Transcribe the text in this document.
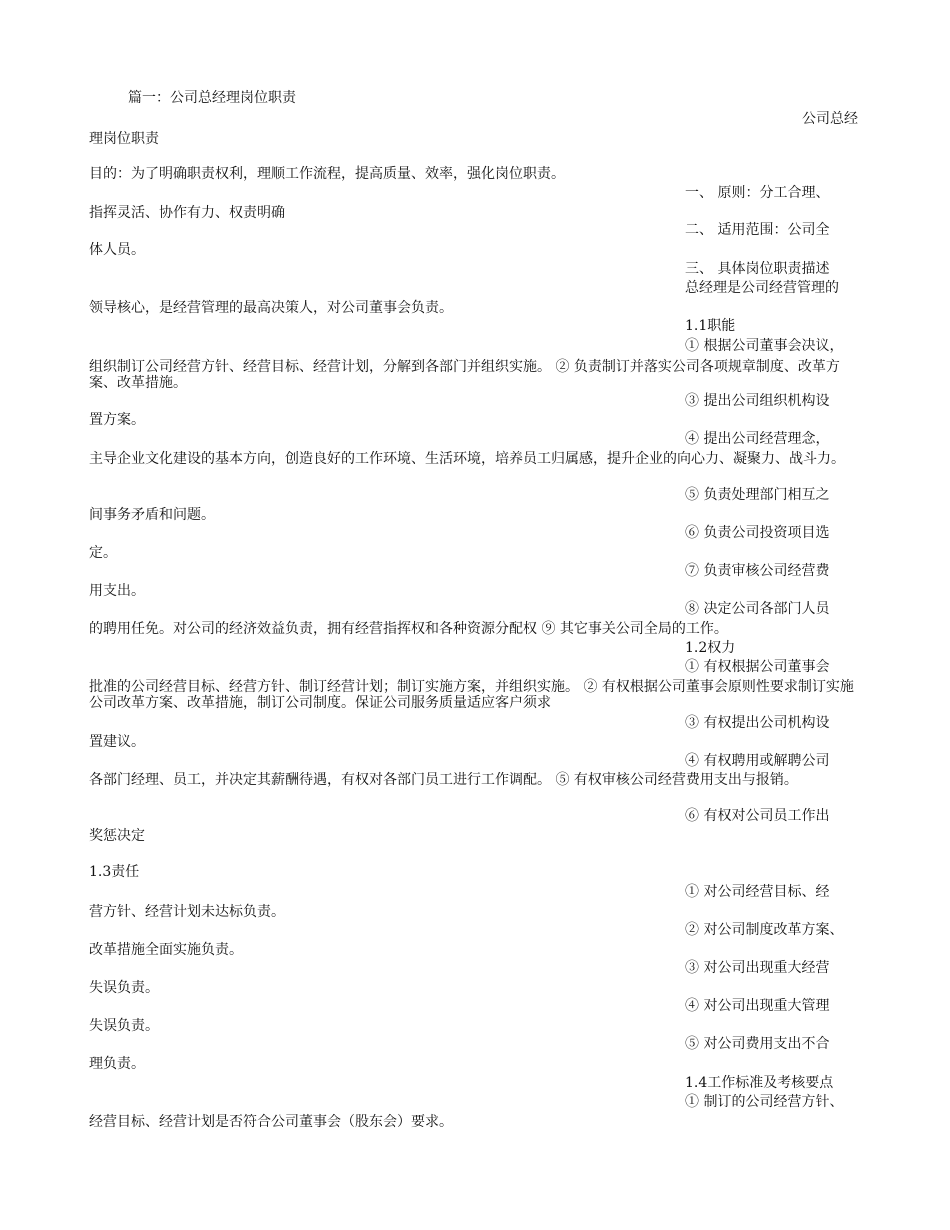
篇一：公司总经理岗位职责

公司总经

理岗位职责

目的：为了明确职责权利，理顺工作流程，提高质量、效率，强化岗位职责。

一、 原则：分工合理、

指挥灵活、协作有力、权责明确

二、 适用范围：公司全

体人员。

三、 具体岗位职责描述

总经理是公司经营管理的

领导核心，是经营管理的最高决策人，对公司董事会负责。

1.1职能

① 根据公司董事会决议，

组织制订公司经营方针、经营目标、经营计划，分解到各部门并组织实施。 ② 负责制订并落实公司各项规章制度、改革方案、改革措施。

③ 提出公司组织机构设

置方案。

④ 提出公司经营理念，

主导企业文化建设的基本方向，创造良好的工作环境、生活环境，培养员工归属感，提升企业的向心力、凝聚力、战斗力。

⑤ 负责处理部门相互之

间事务矛盾和问题。

⑥ 负责公司投资项目选

定。

⑦ 负责审核公司经营费

用支出。

⑧ 决定公司各部门人员

的聘用任免。对公司的经济效益负责，拥有经营指挥权和各种资源分配权 ⑨ 其它事关公司全局的工作。

1.2权力

① 有权根据公司董事会

批准的公司经营目标、经营方针、制订经营计划；制订实施方案，并组织实施。 ② 有权根据公司董事会原则性要求制订实施公司改革方案、改革措施，制订公司制度。保证公司服务质量适应客户须求

③ 有权提出公司机构设

置建议。

④ 有权聘用或解聘公司

各部门经理、员工，并决定其薪酬待遇，有权对各部门员工进行工作调配。 ⑤ 有权审核公司经营费用支出与报销。

⑥ 有权对公司员工作出

奖惩决定

1.3责任

① 对公司经营目标、经

营方针、经营计划未达标负责。

② 对公司制度改革方案、

改革措施全面实施负责。

③ 对公司出现重大经营

失误负责。

④ 对公司出现重大管理

失误负责。

⑤ 对公司费用支出不合

理负责。

1.4工作标准及考核要点

① 制订的公司经营方针、

经营目标、经营计划是否符合公司董事会（股东会）要求。
